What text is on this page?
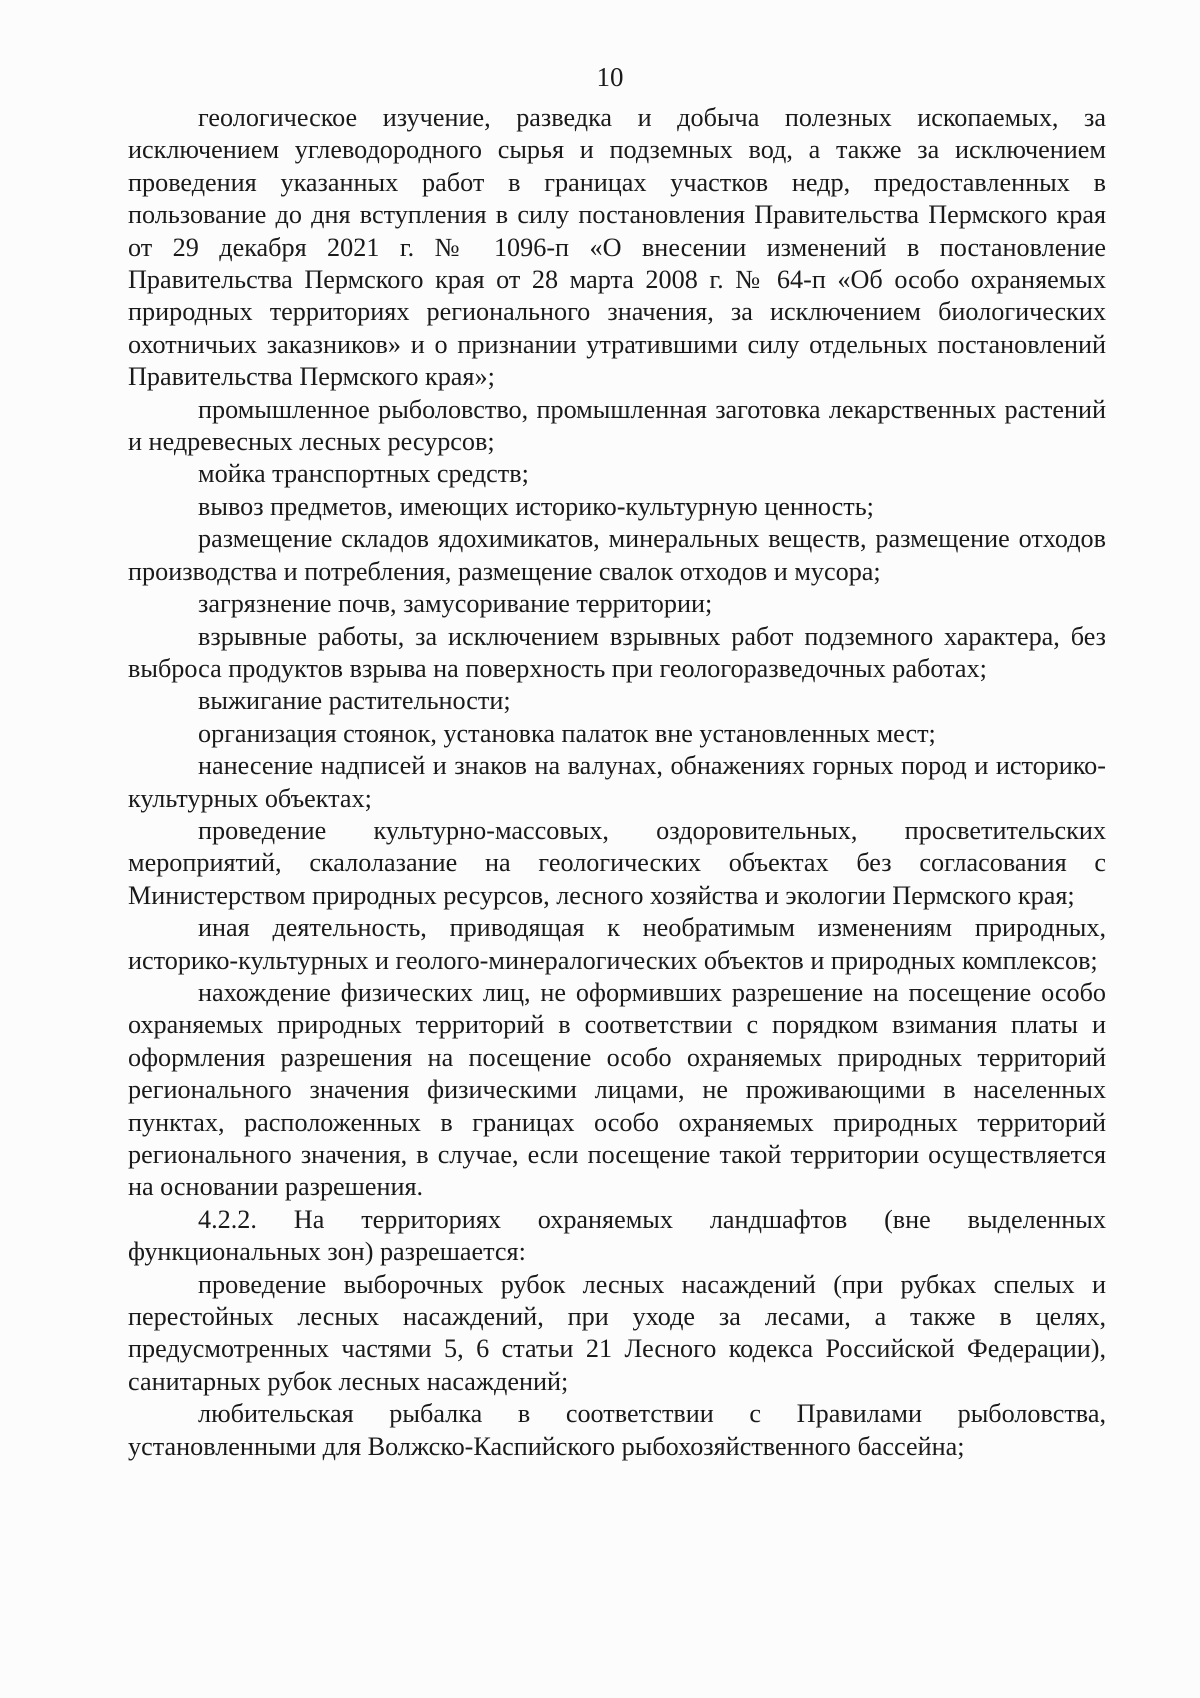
10

геологическое изучение, разведка и добыча полезных ископаемых, за исключением углеводородного сырья и подземных вод, а также за исключением проведения указанных работ в границах участков недр, предоставленных в пользование до дня вступления в силу постановления Правительства Пермского края от 29 декабря 2021 г. № 1096-п «О внесении изменений в постановление Правительства Пермского края от 28 марта 2008 г. № 64-п «Об особо охраняемых природных территориях регионального значения, за исключением биологических охотничьих заказников» и о признании утратившими силу отдельных постановлений Правительства Пермского края»;

промышленное рыболовство, промышленная заготовка лекарственных растений и недревесных лесных ресурсов;

мойка транспортных средств;

вывоз предметов, имеющих историко-культурную ценность;

размещение складов ядохимикатов, минеральных веществ, размещение отходов производства и потребления, размещение свалок отходов и мусора;

загрязнение почв, замусоривание территории;

взрывные работы, за исключением взрывных работ подземного характера, без выброса продуктов взрыва на поверхность при геологоразведочных работах;

выжигание растительности;

организация стоянок, установка палаток вне установленных мест;

нанесение надписей и знаков на валунах, обнажениях горных пород и историко-культурных объектах;

проведение культурно-массовых, оздоровительных, просветительских мероприятий, скалолазание на геологических объектах без согласования с Министерством природных ресурсов, лесного хозяйства и экологии Пермского края;

иная деятельность, приводящая к необратимым изменениям природных, историко-культурных и геолого-минералогических объектов и природных комплексов;

нахождение физических лиц, не оформивших разрешение на посещение особо охраняемых природных территорий в соответствии с порядком взимания платы и оформления разрешения на посещение особо охраняемых природных территорий регионального значения физическими лицами, не проживающими в населенных пунктах, расположенных в границах особо охраняемых природных территорий регионального значения, в случае, если посещение такой территории осуществляется на основании разрешения.

4.2.2. На территориях охраняемых ландшафтов (вне выделенных функциональных зон) разрешается:

проведение выборочных рубок лесных насаждений (при рубках спелых и перестойных лесных насаждений, при уходе за лесами, а также в целях, предусмотренных частями 5, 6 статьи 21 Лесного кодекса Российской Федерации), санитарных рубок лесных насаждений;

любительская рыбалка в соответствии с Правилами рыболовства, установленными для Волжско-Каспийского рыбохозяйственного бассейна;
